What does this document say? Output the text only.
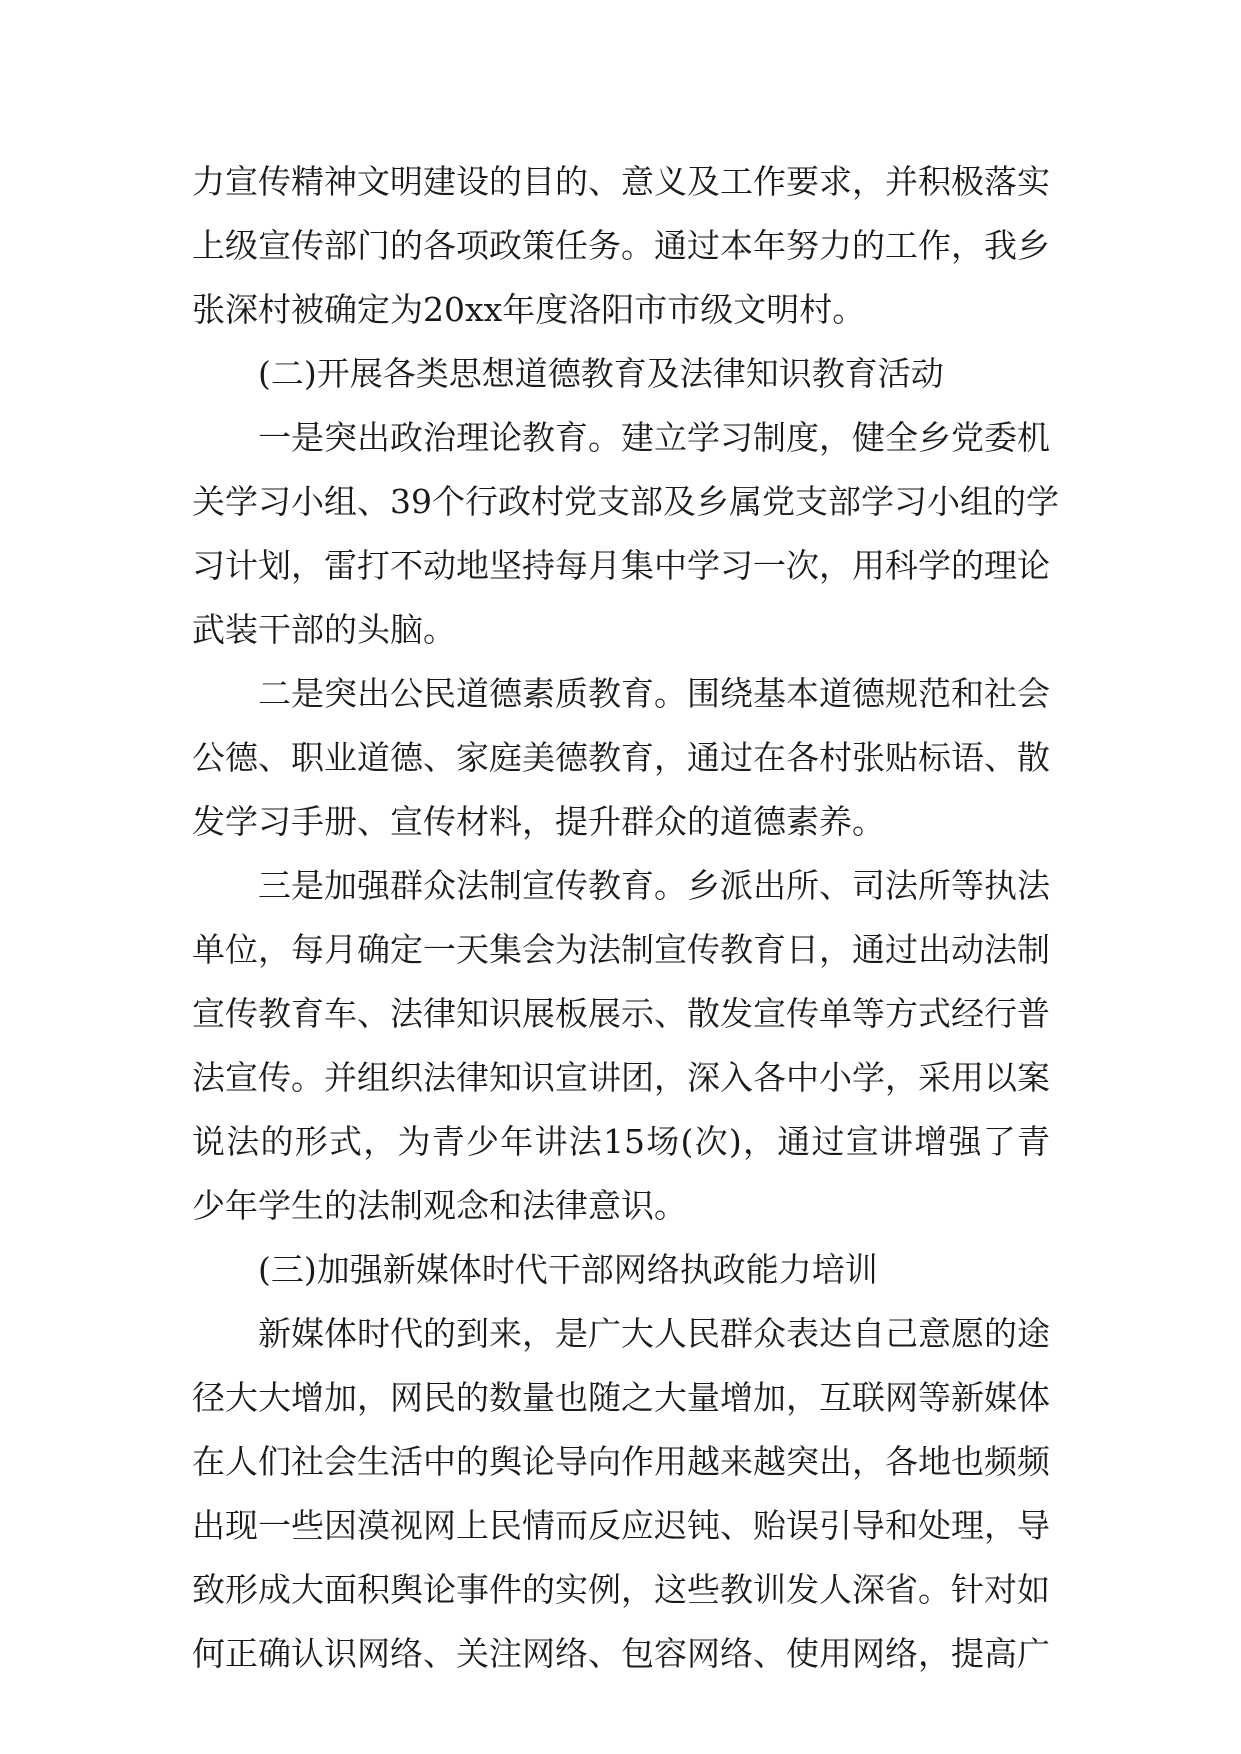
力宣传精神文明建设的目的、意义及工作要求，并积极落实
上级宣传部门的各项政策任务。通过本年努力的工作，我乡
张深村被确定为20xx年度洛阳市市级文明村。
(二)开展各类思想道德教育及法律知识教育活动
一是突出政治理论教育。建立学习制度，健全乡党委机
关学习小组、39个行政村党支部及乡属党支部学习小组的学
习计划，雷打不动地坚持每月集中学习一次，用科学的理论
武装干部的头脑。
二是突出公民道德素质教育。围绕基本道德规范和社会
公德、职业道德、家庭美德教育，通过在各村张贴标语、散
发学习手册、宣传材料，提升群众的道德素养。
三是加强群众法制宣传教育。乡派出所、司法所等执法
单位，每月确定一天集会为法制宣传教育日，通过出动法制
宣传教育车、法律知识展板展示、散发宣传单等方式经行普
法宣传。并组织法律知识宣讲团，深入各中小学，采用以案
说法的形式，为青少年讲法15场(次)，通过宣讲增强了青
少年学生的法制观念和法律意识。
(三)加强新媒体时代干部网络执政能力培训
新媒体时代的到来，是广大人民群众表达自己意愿的途
径大大增加，网民的数量也随之大量增加，互联网等新媒体
在人们社会生活中的舆论导向作用越来越突出，各地也频频
出现一些因漠视网上民情而反应迟钝、贻误引导和处理，导
致形成大面积舆论事件的实例，这些教训发人深省。针对如
何正确认识网络、关注网络、包容网络、使用网络，提高广
